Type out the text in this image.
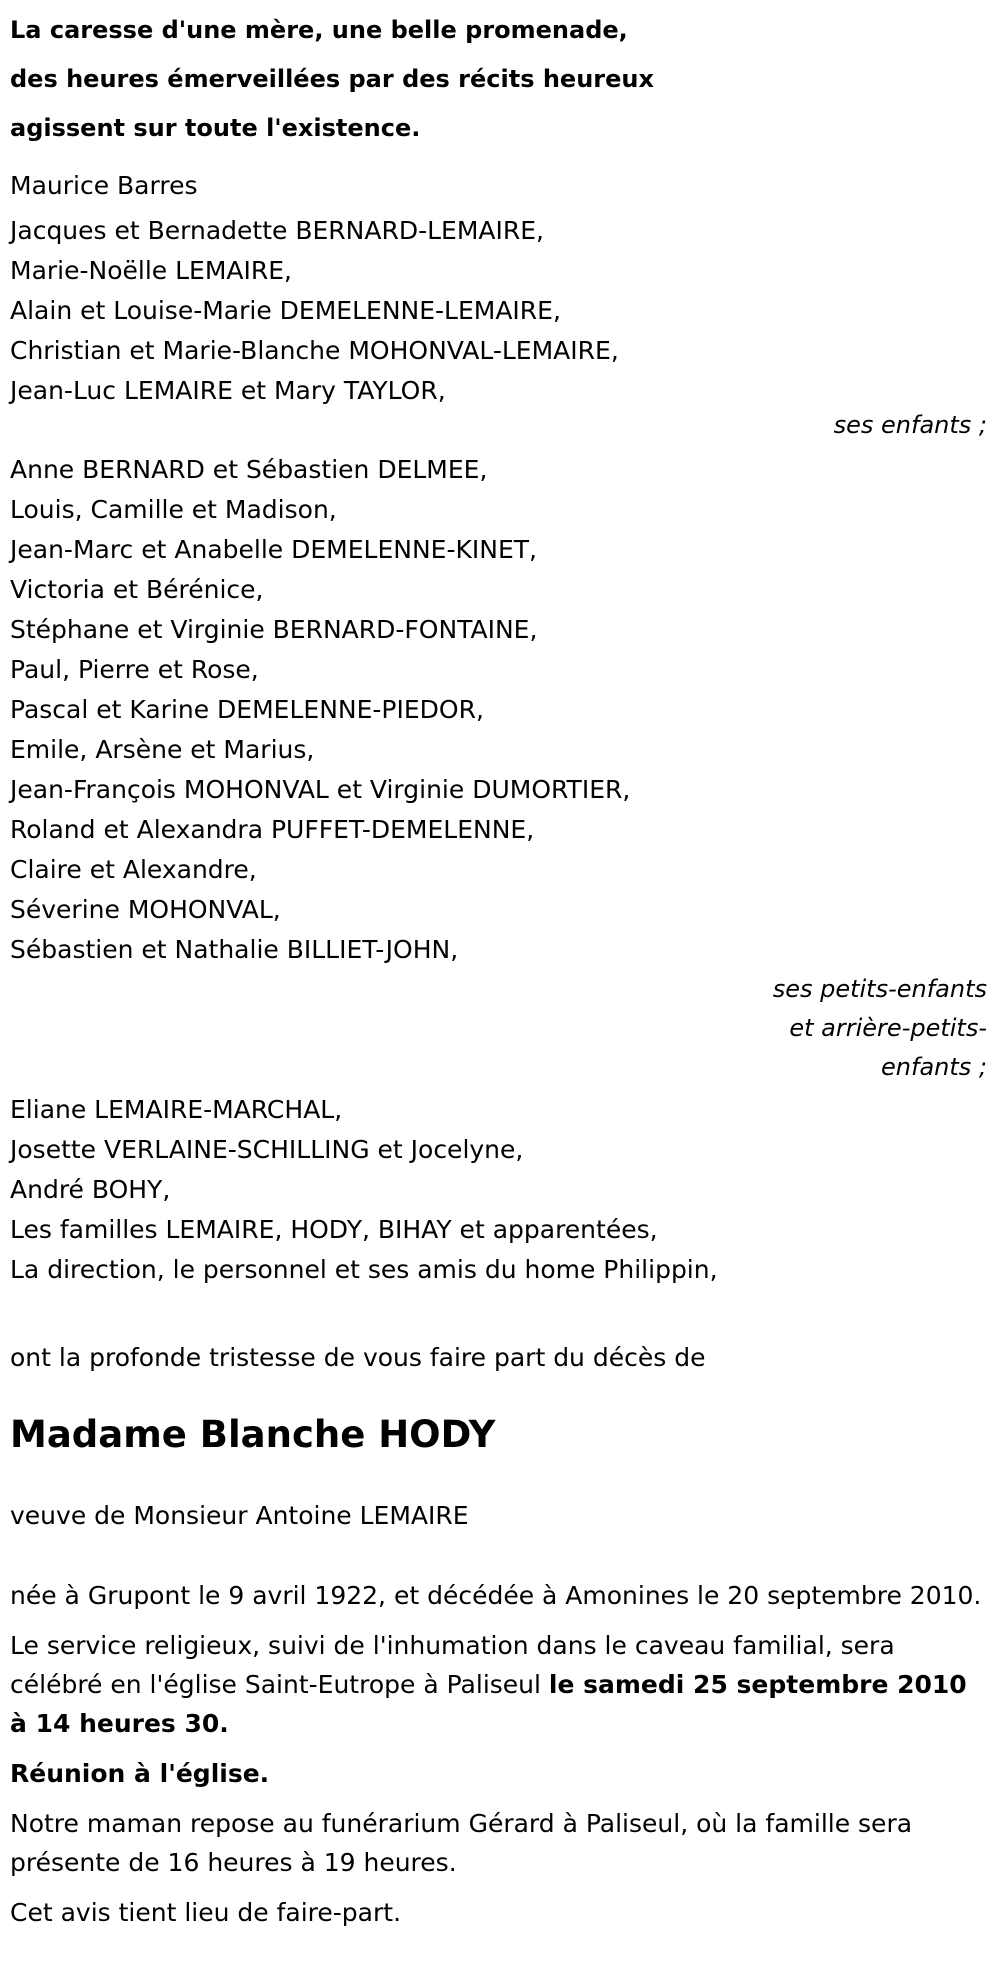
La caresse d'une mère, une belle promenade,
des heures émerveillées par des récits heureux
agissent sur toute l'existence.
Maurice Barres
Jacques et Bernadette BERNARD-LEMAIRE,
Marie-Noëlle LEMAIRE,
Alain et Louise-Marie DEMELENNE-LEMAIRE,
Christian et Marie-Blanche MOHONVAL-LEMAIRE,
Jean-Luc LEMAIRE et Mary TAYLOR,
ses enfants ;
Anne BERNARD et Sébastien DELMEE,
Louis, Camille et Madison,
Jean-Marc et Anabelle DEMELENNE-KINET,
Victoria et Bérénice,
Stéphane et Virginie BERNARD-FONTAINE,
Paul, Pierre et Rose,
Pascal et Karine DEMELENNE-PIEDOR,
Emile, Arsène et Marius,
Jean-François MOHONVAL et Virginie DUMORTIER,
Roland et Alexandra PUFFET-DEMELENNE,
Claire et Alexandre,
Séverine MOHONVAL,
Sébastien et Nathalie BILLIET-JOHN,
ses petits-enfants
et arrière-petits-
enfants ;
Eliane LEMAIRE-MARCHAL,
Josette VERLAINE-SCHILLING et Jocelyne,
André BOHY,
Les familles LEMAIRE, HODY, BIHAY et apparentées,
La direction, le personnel et ses amis du home Philippin,
ont la profonde tristesse de vous faire part du décès de
Madame Blanche HODY
veuve de Monsieur Antoine LEMAIRE
née à Grupont le 9 avril 1922, et décédée à Amonines le 20 septembre 2010.
Le service religieux, suivi de l'inhumation dans le caveau familial, sera célébré en l'église Saint-Eutrope à Paliseul le samedi 25 septembre 2010 à 14 heures 30.
Réunion à l'église.
Notre maman repose au funérarium Gérard à Paliseul, où la famille sera présente de 16 heures à 19 heures.
Cet avis tient lieu de faire-part.
